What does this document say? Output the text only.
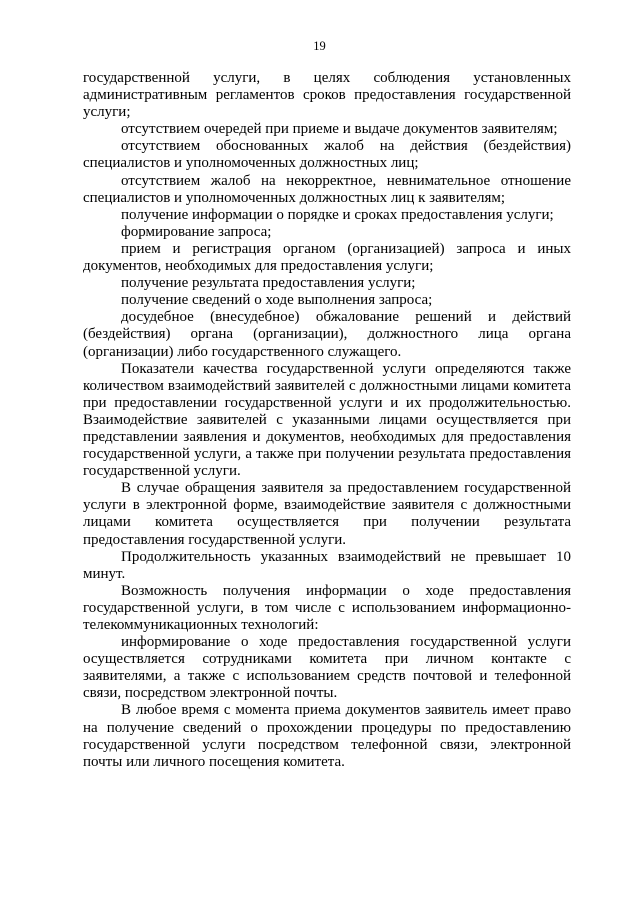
19

государственной услуги, в целях соблюдения установленных административным регламентов сроков предоставления государственной услуги;

отсутствием очередей при приеме и выдаче документов заявителям;

отсутствием обоснованных жалоб на действия (бездействия) специалистов и уполномоченных должностных лиц;

отсутствием жалоб на некорректное, невнимательное отношение специалистов и уполномоченных должностных лиц к заявителям;

получение информации о порядке и сроках предоставления услуги;

формирование запроса;

прием и регистрация органом (организацией) запроса и иных документов, необходимых для предоставления услуги;

получение результата предоставления услуги;

получение сведений о ходе выполнения запроса;

досудебное (внесудебное) обжалование решений и действий (бездействия) органа (организации), должностного лица органа (организации) либо государственного служащего.

Показатели качества государственной услуги определяются также количеством взаимодействий заявителей с должностными лицами комитета при предоставлении государственной услуги и их продолжительностью. Взаимодействие заявителей с указанными лицами осуществляется при представлении заявления и документов, необходимых для предоставления государственной услуги, а также при получении результата предоставления государственной услуги.

В случае обращения заявителя за предоставлением государственной услуги в электронной форме, взаимодействие заявителя с должностными лицами комитета осуществляется при получении результата предоставления государственной услуги.

Продолжительность указанных взаимодействий не превышает 10 минут.

Возможность получения информации о ходе предоставления государственной услуги, в том числе с использованием информационно-телекоммуникационных технологий:

информирование о ходе предоставления государственной услуги осуществляется сотрудниками комитета при личном контакте с заявителями, а также с использованием средств почтовой и телефонной связи, посредством электронной почты.

В любое время с момента приема документов заявитель имеет право на получение сведений о прохождении процедуры по предоставлению государственной услуги посредством телефонной связи, электронной почты или личного посещения комитета.
